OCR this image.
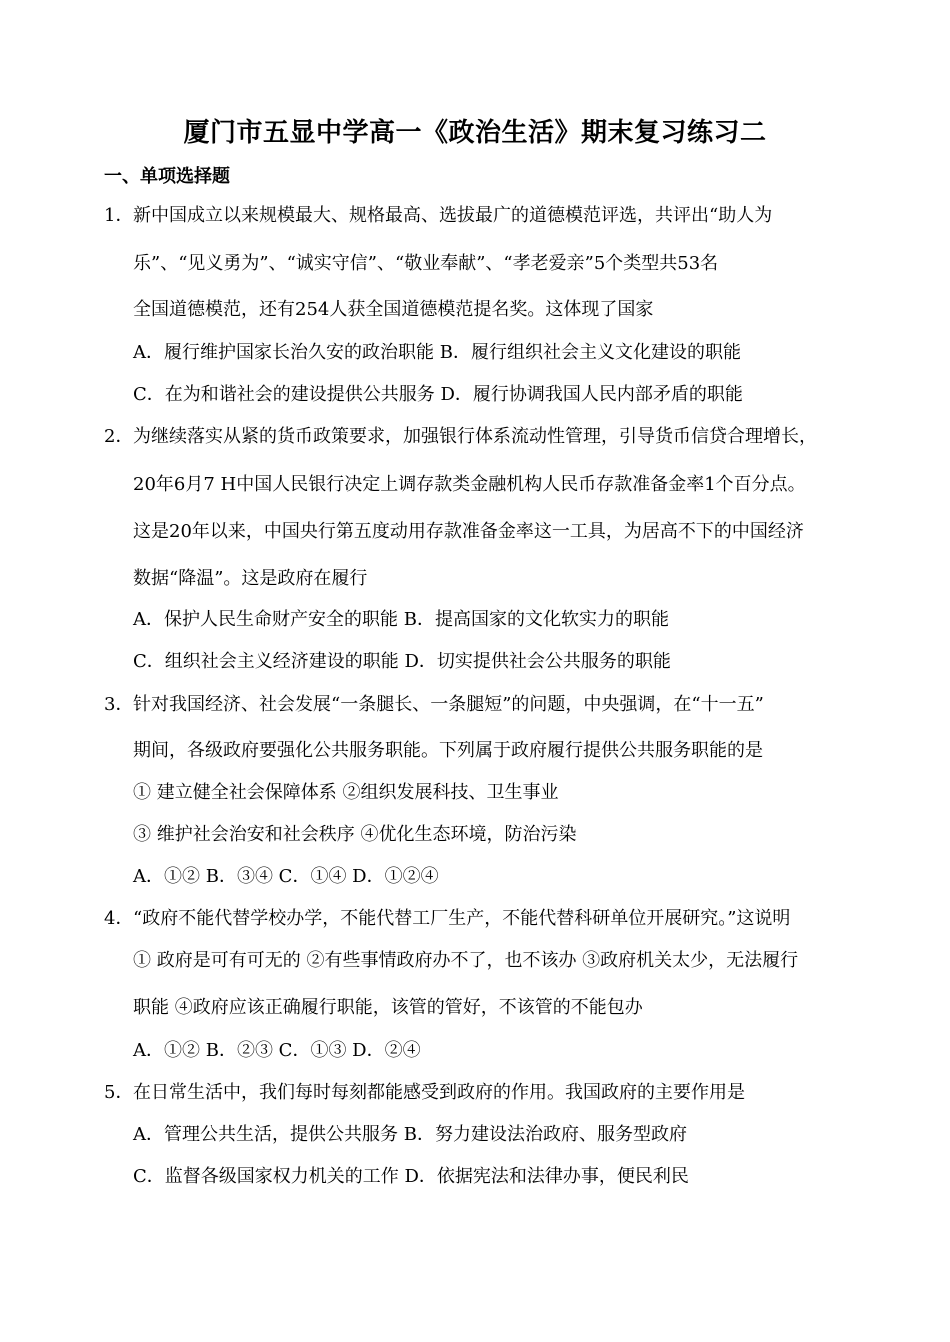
厦门市五显中学高一《政治生活》期末复习练习二
一、单项选择题
1． 新中国成立以来规模最大、规格最高、选拔最广的道德模范评选，共评出“助人为
乐”、“见义勇为”、“诚实守信”、“敬业奉献”、“孝老爱亲”5个类型共53名
全国道德模范，还有254人获全国道德模范提名奖。这体现了国家
A．履行维护国家长治久安的政治职能 B．履行组织社会主义文化建设的职能
C．在为和谐社会的建设提供公共服务 D．履行协调我国人民内部矛盾的职能
2． 为继续落实从紧的货币政策要求，加强银行体系流动性管理，引导货币信贷合理增长，
20年6月7 H中国人民银行决定上调存款类金融机构人民币存款准备金率1个百分点。
这是20年以来，中国央行第五度动用存款准备金率这一工具，为居高不下的中国经济
数据“降温”。这是政府在履行
A．保护人民生命财产安全的职能 B．提高国家的文化软实力的职能
C．组织社会主义经济建设的职能 D．切实提供社会公共服务的职能
3． 针对我国经济、社会发展“一条腿长、一条腿短”的问题，中央强调，在“十一五”
期间，各级政府要强化公共服务职能。下列属于政府履行提供公共服务职能的是
① 建立健全社会保障体系 ②组织发展科技、卫生事业
③ 维护社会治安和社会秩序 ④优化生态环境，防治污染
A．①② B．③④ C．①④ D．①②④
4． “政府不能代替学校办学，不能代替工厂生产，不能代替科研单位开展研究。”这说明
① 政府是可有可无的 ②有些事情政府办不了，也不该办 ③政府机关太少，无法履行
职能 ④政府应该正确履行职能，该管的管好，不该管的不能包办
A．①② B．②③ C．①③ D．②④
5． 在日常生活中，我们每时每刻都能感受到政府的作用。我国政府的主要作用是
A．管理公共生活，提供公共服务 B．努力建设法治政府、服务型政府
C．监督各级国家权力机关的工作 D．依据宪法和法律办事，便民利民
